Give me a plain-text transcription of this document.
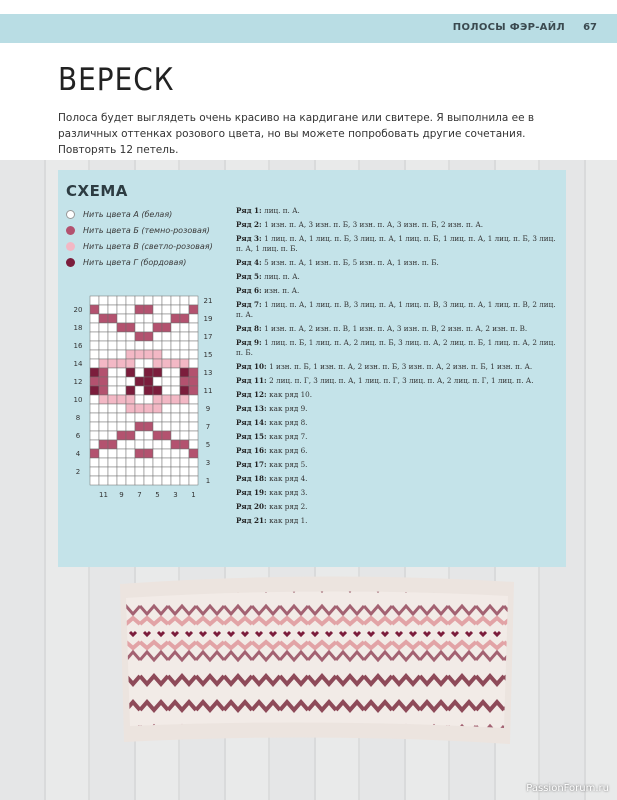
ПОЛОСЫ ФЭР-АЙЛ 67
ВЕРЕСК
Полоса будет выглядеть очень красиво на кардигане или свитере. Я выполнила ее в различных оттенках розового цвета, но вы можете попробовать другие сочетания. Повторять 12 петель.
СХЕМА
Нить цвета А (белая)
Нить цвета Б (темно-розовая)
Нить цвета В (светло-розовая)
Нить цвета Г (бордовая)
20
18
16
14
12
10
8
6
4
2
21
19
17
15
13
11
9
7
5
3
1
11 9 7 5 3 1
Ряд 1: лиц. п. А.
Ряд 2: 1 изн. п. А, 3 изн. п. Б, 3 изн. п. А, 3 изн. п. Б, 2 изн. п. А.
Ряд 3: 1 лиц. п. А, 1 лиц. п. Б, 3 лиц. п. А, 1 лиц. п. Б, 1 лиц. п. А, 1 лиц. п. Б, 3 лиц. п. А, 1 лиц. п. Б.
Ряд 4: 5 изн. п. А, 1 изн. п. Б, 5 изн. п. А, 1 изн. п. Б.
Ряд 5: лиц. п. А.
Ряд 6: изн. п. А.
Ряд 7: 1 лиц. п. А, 1 лиц. п. В, 3 лиц. п. А, 1 лиц. п. В, 3 лиц. п. А, 1 лиц. п. В, 2 лиц. п. А.
Ряд 8: 1 изн. п. А, 2 изн. п. В, 1 изн. п. А, 3 изн. п. В, 2 изн. п. А, 2 изн. п. В.
Ряд 9: 1 лиц. п. Б, 1 лиц. п. А, 2 лиц. п. Б, 3 лиц. п. А, 2 лиц. п. Б, 1 лиц. п. А, 2 лиц. п. Б.
Ряд 10: 1 изн. п. Б, 1 изн. п. А, 2 изн. п. Б, 3 изн. п. А, 2 изн. п. Б, 1 изн. п. А.
Ряд 11: 2 лиц. п. Г, 3 лиц. п. А, 1 лиц. п. Г, 3 лиц. п. А, 2 лиц. п. Г, 1 лиц. п. А.
Ряд 12: как ряд 10.
Ряд 13: как ряд 9.
Ряд 14: как ряд 8.
Ряд 15: как ряд 7.
Ряд 16: как ряд 6.
Ряд 17: как ряд 5.
Ряд 18: как ряд 4.
Ряд 19: как ряд 3.
Ряд 20: как ряд 2.
Ряд 21: как ряд 1.
PassionForum.ru
